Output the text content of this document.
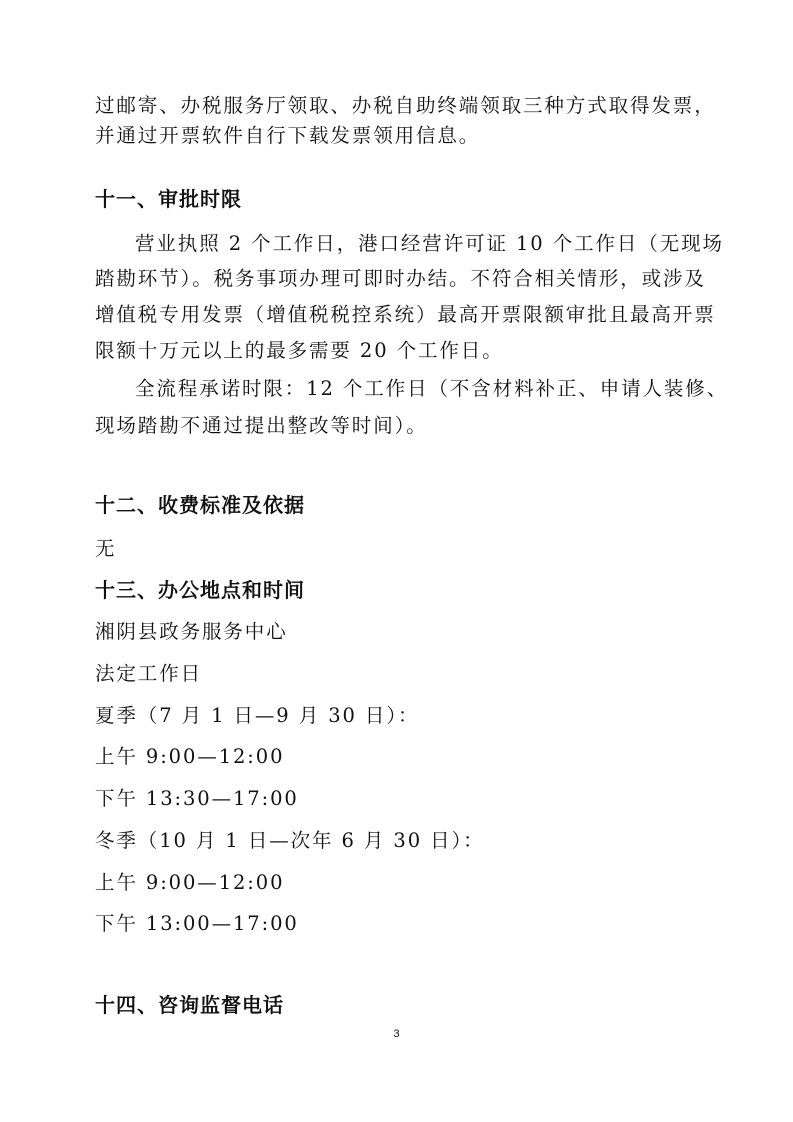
过邮寄、办税服务厅领取、办税自助终端领取三种方式取得发票，
并通过开票软件自行下载发票领用信息。
十一、审批时限
营业执照 2 个工作日，港口经营许可证 10 个工作日（无现场
踏勘环节）。税务事项办理可即时办结。不符合相关情形，或涉及
增值税专用发票（增值税税控系统）最高开票限额审批且最高开票
限额十万元以上的最多需要 20 个工作日。
全流程承诺时限：12 个工作日（不含材料补正、申请人装修、
现场踏勘不通过提出整改等时间）。
十二、收费标准及依据
无
十三、办公地点和时间
湘阴县政务服务中心
法定工作日
夏季（7 月 1 日—9 月 30 日）：
上午 9:00—12:00
下午 13:30—17:00
冬季（10 月 1 日—次年 6 月 30 日）：
上午 9:00—12:00
下午 13:00—17:00
十四、咨询监督电话
3
